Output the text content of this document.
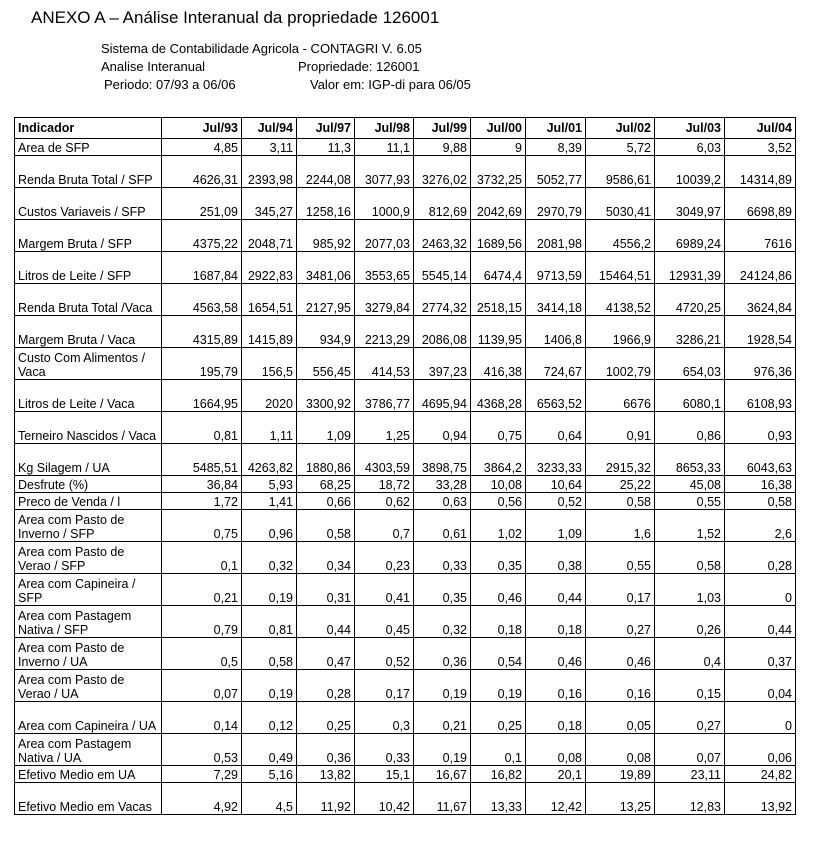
ANEXO A – Análise Interanual da propriedade 126001
Sistema de Contabilidade Agricola - CONTAGRI V. 6.05
Analise Interanual	Propriedade: 126001
Periodo: 07/93 a 06/06	Valor em: IGP-di para 06/05
Indicador	Jul/93	Jul/94	Jul/97	Jul/98	Jul/99	Jul/00	Jul/01	Jul/02	Jul/03	Jul/04
Area de SFP	4,85	3,11	11,3	11,1	9,88	9	8,39	5,72	6,03	3,52
Renda Bruta Total / SFP	4626,31	2393,98	2244,08	3077,93	3276,02	3732,25	5052,77	9586,61	10039,2	14314,89
Custos Variaveis / SFP	251,09	345,27	1258,16	1000,9	812,69	2042,69	2970,79	5030,41	3049,97	6698,89
Margem Bruta / SFP	4375,22	2048,71	985,92	2077,03	2463,32	1689,56	2081,98	4556,2	6989,24	7616
Litros de Leite / SFP	1687,84	2922,83	3481,06	3553,65	5545,14	6474,4	9713,59	15464,51	12931,39	24124,86
Renda Bruta Total /Vaca	4563,58	1654,51	2127,95	3279,84	2774,32	2518,15	3414,18	4138,52	4720,25	3624,84
Margem Bruta / Vaca	4315,89	1415,89	934,9	2213,29	2086,08	1139,95	1406,8	1966,9	3286,21	1928,54
Custo Com Alimentos / Vaca	195,79	156,5	556,45	414,53	397,23	416,38	724,67	1002,79	654,03	976,36
Litros de Leite / Vaca	1664,95	2020	3300,92	3786,77	4695,94	4368,28	6563,52	6676	6080,1	6108,93
Terneiro Nascidos / Vaca	0,81	1,11	1,09	1,25	0,94	0,75	0,64	0,91	0,86	0,93
Kg Silagem / UA	5485,51	4263,82	1880,86	4303,59	3898,75	3864,2	3233,33	2915,32	8653,33	6043,63
Desfrute (%)	36,84	5,93	68,25	18,72	33,28	10,08	10,64	25,22	45,08	16,38
Preco de Venda / l	1,72	1,41	0,66	0,62	0,63	0,56	0,52	0,58	0,55	0,58
Area com Pasto de Inverno / SFP	0,75	0,96	0,58	0,7	0,61	1,02	1,09	1,6	1,52	2,6
Area com Pasto de Verao / SFP	0,1	0,32	0,34	0,23	0,33	0,35	0,38	0,55	0,58	0,28
Area com Capineira / SFP	0,21	0,19	0,31	0,41	0,35	0,46	0,44	0,17	1,03	0
Area com Pastagem Nativa / SFP	0,79	0,81	0,44	0,45	0,32	0,18	0,18	0,27	0,26	0,44
Area com Pasto de Inverno / UA	0,5	0,58	0,47	0,52	0,36	0,54	0,46	0,46	0,4	0,37
Area com Pasto de Verao / UA	0,07	0,19	0,28	0,17	0,19	0,19	0,16	0,16	0,15	0,04
Area com Capineira / UA	0,14	0,12	0,25	0,3	0,21	0,25	0,18	0,05	0,27	0
Area com Pastagem Nativa / UA	0,53	0,49	0,36	0,33	0,19	0,1	0,08	0,08	0,07	0,06
Efetivo Medio em UA	7,29	5,16	13,82	15,1	16,67	16,82	20,1	19,89	23,11	24,82
Efetivo Medio em Vacas	4,92	4,5	11,92	10,42	11,67	13,33	12,42	13,25	12,83	13,92
